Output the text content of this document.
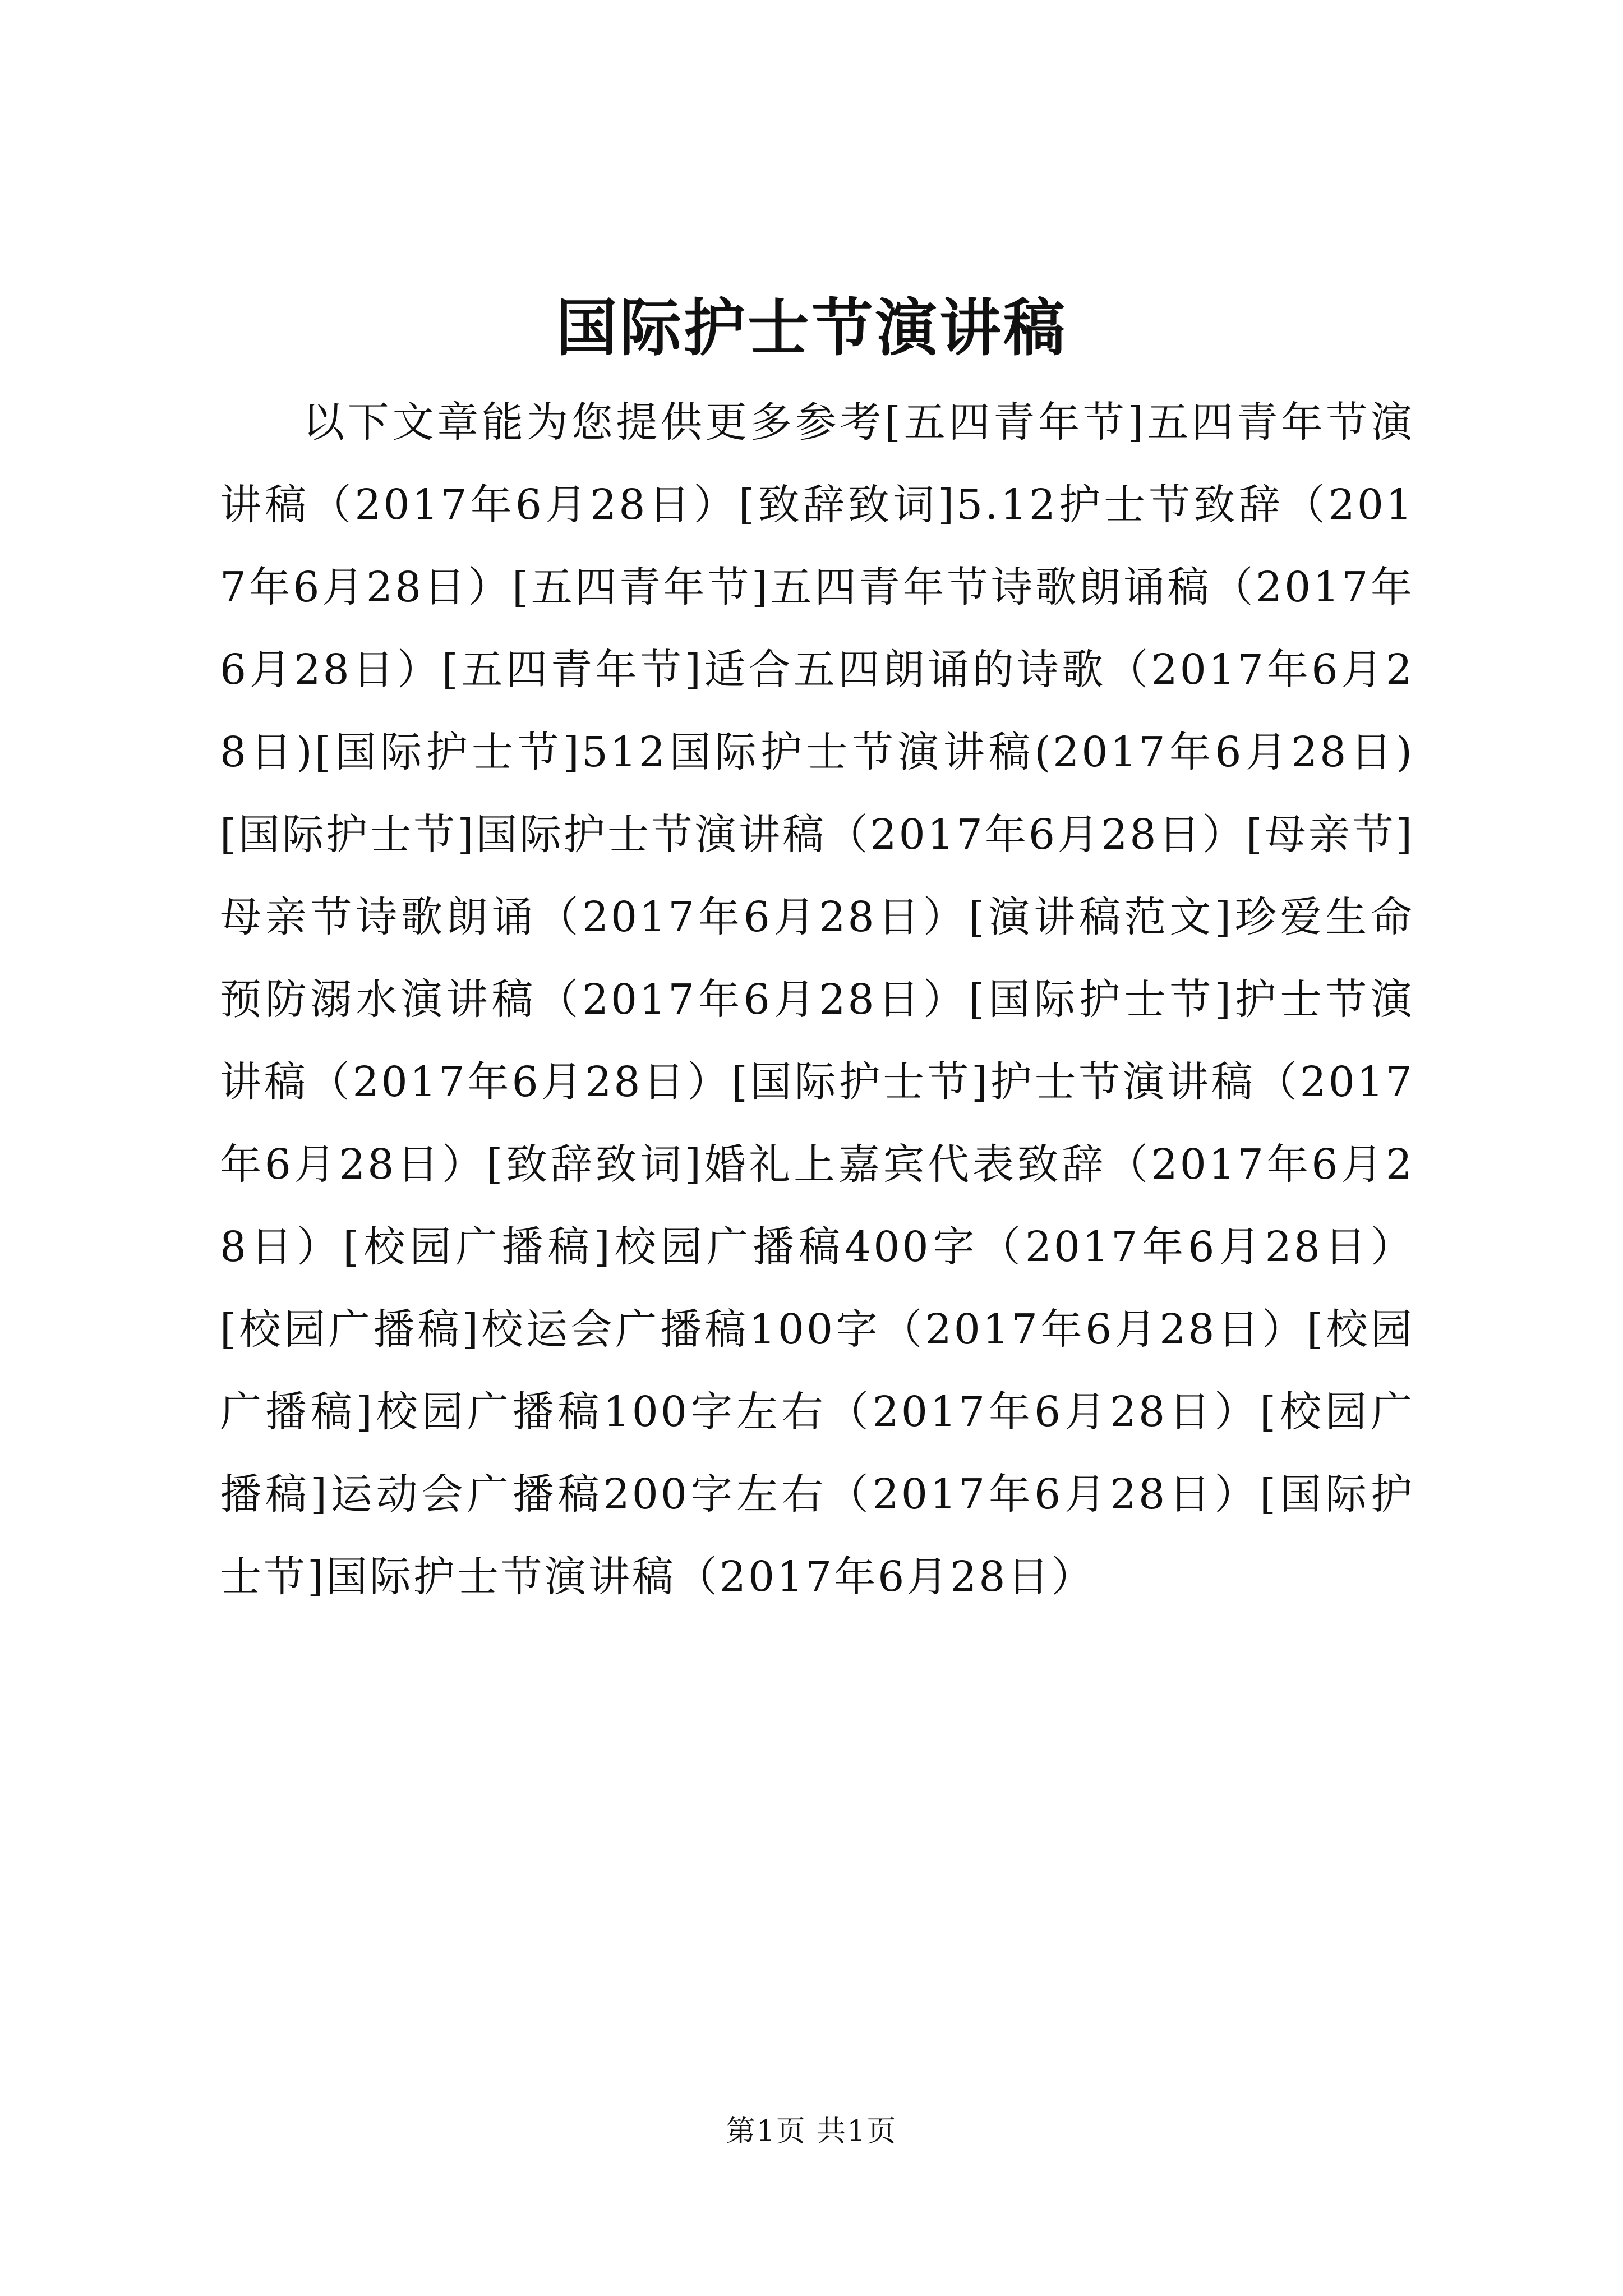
国际护士节演讲稿

以下文章能为您提供更多参考[五四青年节]五四青年节演讲稿（2017年6月28日）[致辞致词]5.12护士节致辞（2017年6月28日）[五四青年节]五四青年节诗歌朗诵稿（2017年6月28日）[五四青年节]适合五四朗诵的诗歌（2017年6月28日)[国际护士节]512国际护士节演讲稿(2017年6月28日)[国际护士节]国际护士节演讲稿（2017年6月28日）[母亲节]母亲节诗歌朗诵（2017年6月28日）[演讲稿范文]珍爱生命预防溺水演讲稿（2017年6月28日）[国际护士节]护士节演讲稿（2017年6月28日）[国际护士节]护士节演讲稿（2017年6月28日）[致辞致词]婚礼上嘉宾代表致辞（2017年6月28日）[校园广播稿]校园广播稿400字（2017年6月28日）[校园广播稿]校运会广播稿100字（2017年6月28日）[校园广播稿]校园广播稿100字左右（2017年6月28日）[校园广播稿]运动会广播稿200字左右（2017年6月28日）[国际护士节]国际护士节演讲稿（2017年6月28日）

第1页 共1页
